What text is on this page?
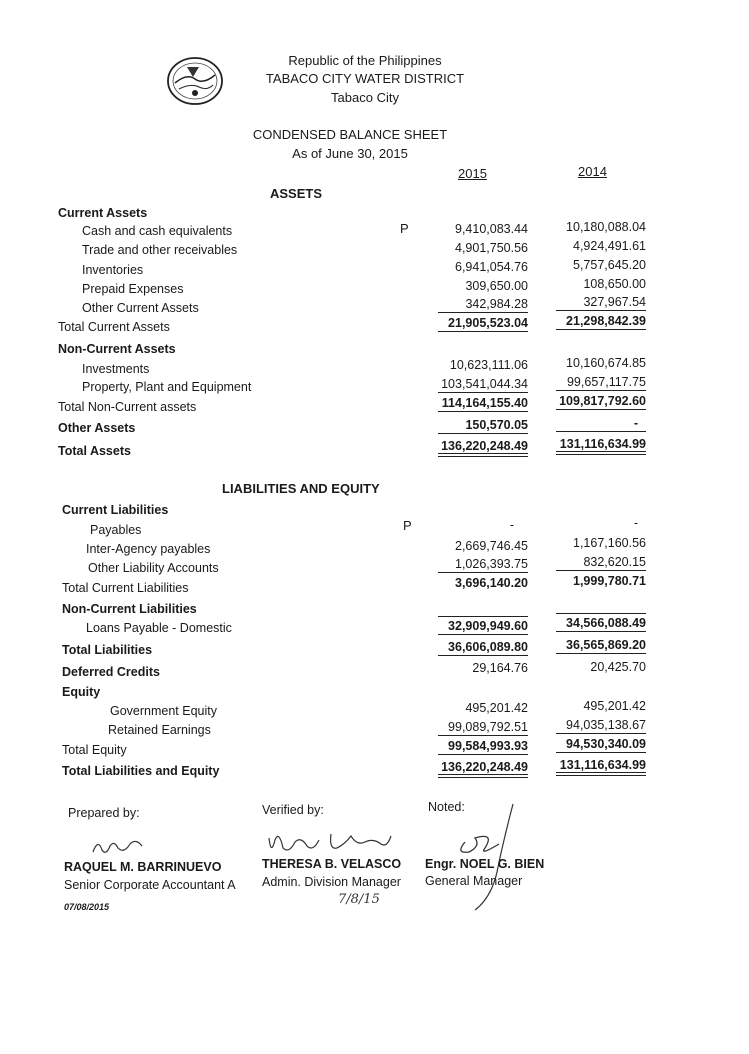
Republic of the Philippines
TABACO CITY WATER DISTRICT
Tabaco City
CONDENSED BALANCE SHEET
As of June 30, 2015
2015	2014
ASSETS
Current Assets
P
Cash and cash equivalents	9,410,083.44	10,180,088.04
Trade and other receivables	4,901,750.56	4,924,491.61
Inventories	6,941,054.76	5,757,645.20
Prepaid Expenses	309,650.00	108,650.00
Other Current Assets	342,984.28	327,967.54
Total Current Assets	21,905,523.04	21,298,842.39
Non-Current Assets
Investments	10,623,111.06	10,160,674.85
Property, Plant and Equipment	103,541,044.34	99,657,117.75
Total Non-Current assets	114,164,155.40	109,817,792.60
Other Assets	150,570.05	-
Total Assets	136,220,248.49	131,116,634.99
LIABILITIES AND EQUITY
Current Liabilities
P
Payables	-	-
Inter-Agency payables	2,669,746.45	1,167,160.56
Other Liability Accounts	1,026,393.75	832,620.15
Total Current Liabilities	3,696,140.20	1,999,780.71
Non-Current Liabilities
Loans Payable - Domestic	32,909,949.60	34,566,088.49
Total Liabilities	36,606,089.80	36,565,869.20
Deferred Credits	29,164.76	20,425.70
Equity
Government Equity	495,201.42	495,201.42
Retained Earnings	99,089,792.51	94,035,138.67
Total Equity	99,584,993.93	94,530,340.09
Total Liabilities and Equity	136,220,248.49	131,116,634.99
Prepared by:	Verified by:	Noted:
RAQUEL M. BARRINUEVO
Senior Corporate Accountant A
07/08/2015
THERESA B. VELASCO
Admin. Division Manager
7/8/15
Engr. NOEL G. BIEN
General Manager
